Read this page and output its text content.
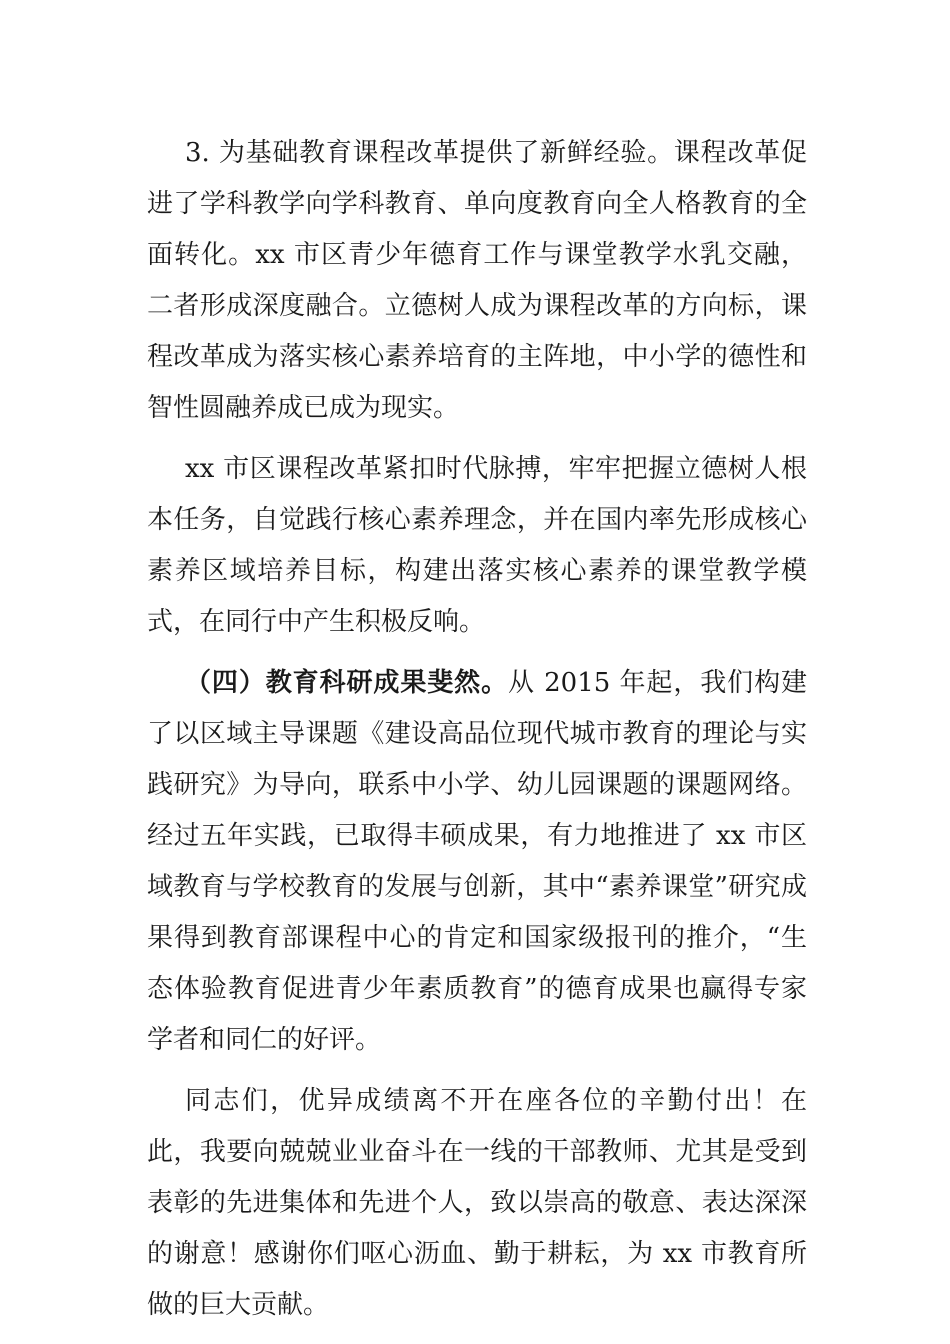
3. 为基础教育课程改革提供了新鲜经验。课程改革促进了学科教学向学科教育、单向度教育向全人格教育的全面转化。xx 市区青少年德育工作与课堂教学水乳交融，二者形成深度融合。立德树人成为课程改革的方向标，课程改革成为落实核心素养培育的主阵地，中小学的德性和智性圆融养成已成为现实。

xx 市区课程改革紧扣时代脉搏，牢牢把握立德树人根本任务，自觉践行核心素养理念，并在国内率先形成核心素养区域培养目标，构建出落实核心素养的课堂教学模式，在同行中产生积极反响。

（四）教育科研成果斐然。从 2015 年起，我们构建了以区域主导课题《建设高品位现代城市教育的理论与实践研究》为导向，联系中小学、幼儿园课题的课题网络。经过五年实践，已取得丰硕成果，有力地推进了 xx 市区域教育与学校教育的发展与创新，其中“素养课堂”研究成果得到教育部课程中心的肯定和国家级报刊的推介，“生态体验教育促进青少年素质教育”的德育成果也赢得专家学者和同仁的好评。

同志们，优异成绩离不开在座各位的辛勤付出！在此，我要向兢兢业业奋斗在一线的干部教师、尤其是受到表彰的先进集体和先进个人，致以崇高的敬意、表达深深的谢意！感谢你们呕心沥血、勤于耕耘，为 xx 市教育所做的巨大贡献。
